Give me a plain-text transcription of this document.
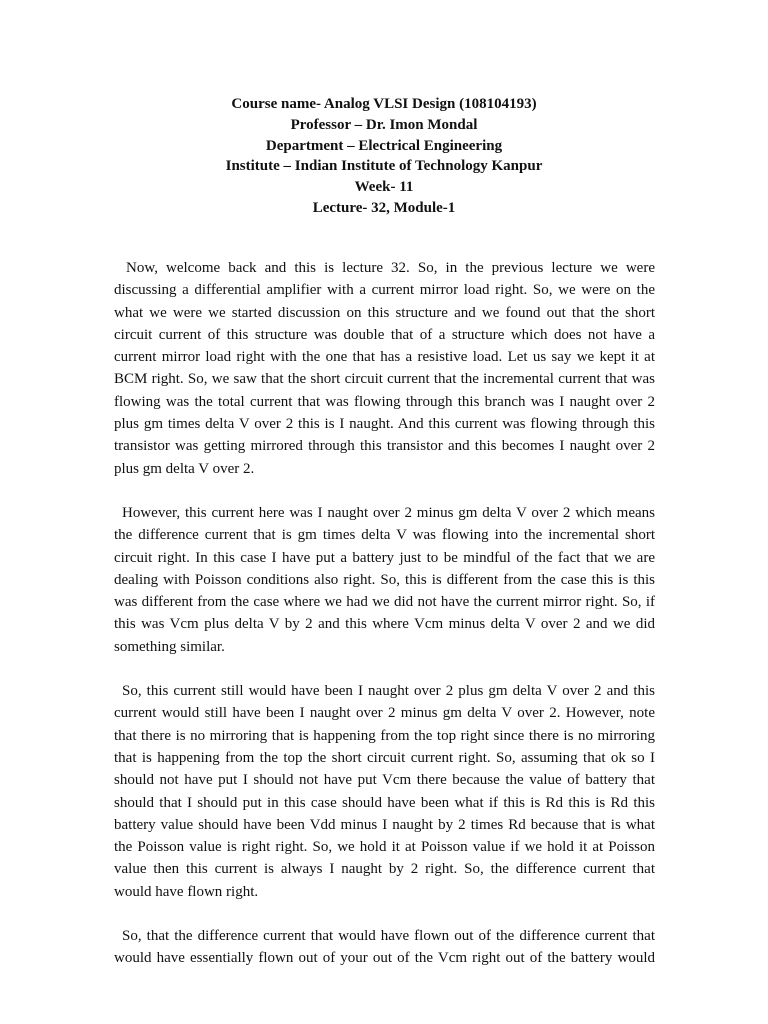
Course name- Analog VLSI Design (108104193)
Professor – Dr. Imon Mondal
Department – Electrical Engineering
Institute – Indian Institute of Technology Kanpur
Week- 11
Lecture- 32, Module-1

Now, welcome back and this is lecture 32. So, in the previous lecture we were
discussing a differential amplifier with a current mirror load right. So, we were on the
what we were we started discussion on this structure and we found out that the short
circuit current of this structure was double that of a structure which does not have a
current mirror load right with the one that has a resistive load. Let us say we kept it at
BCM right. So, we saw that the short circuit current that the incremental current that was
flowing was the total current that was flowing through this branch was I naught over 2
plus gm times delta V over 2 this is I naught. And this current was flowing through this
transistor was getting mirrored through this transistor and this becomes I naught over 2
plus gm delta V over 2.

However, this current here was I naught over 2 minus gm delta V over 2 which means
the difference current that is gm times delta V was flowing into the incremental short
circuit right. In this case I have put a battery just to be mindful of the fact that we are
dealing with Poisson conditions also right. So, this is different from the case this is this
was different from the case where we had we did not have the current mirror right. So, if
this was Vcm plus delta V by 2 and this where Vcm minus delta V over 2 and we did
something similar.

So, this current still would have been I naught over 2 plus gm delta V over 2 and this
current would still have been I naught over 2 minus gm delta V over 2. However, note
that there is no mirroring that is happening from the top right since there is no mirroring
that is happening from the top the short circuit current right. So, assuming that ok so I
should not have put I should not have put Vcm there because the value of battery that
should that I should put in this case should have been what if this is Rd this is Rd this
battery value should have been Vdd minus I naught by 2 times Rd because that is what
the Poisson value is right right. So, we hold it at Poisson value if we hold it at Poisson
value then this current is always I naught by 2 right. So, the difference current that
would have flown right.

So, that the difference current that would have flown out of the difference current that
would have essentially flown out of your out of the Vcm right out of the battery would
